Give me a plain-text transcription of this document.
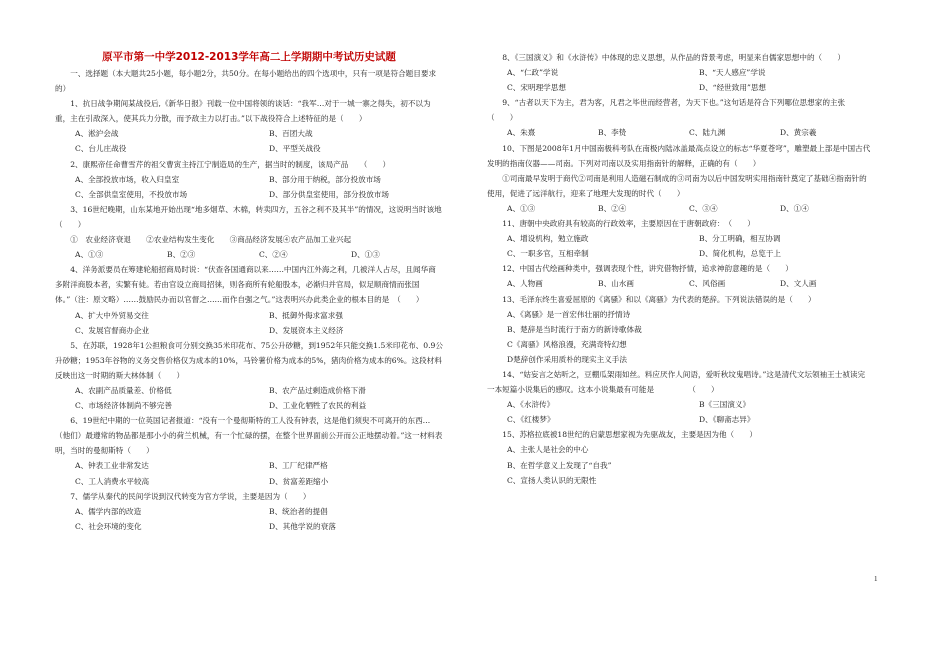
原平市第一中学2012-2013学年高二上学期期中考试历史试题

一、选择题（本大题共25小题，每小题2分，共50分。在每小题给出的四个选项中，只有一项是符合题目要求的）

1、抗日战争期间某战役后,《新华日报》刊载一位中国将领的谈话：“我军…对于一城一寨之得失，初不以为重，主在引敌深入，使其兵力分散，而予敌主力以打击。”以下战役符合上述特征的是（　　）

A、淞沪会战	B、百团大战
C、台儿庄战役	D、平型关战役

2、康熙帝任命曹雪芹的祖父曹寅主持江宁制造局的生产，据当时的制度，该局产品　　（　　）

A、全部投放市场，收入归皇室	B、部分用于纳税，部分投放市场
C、全部供皇室使用，不投放市场	D、部分供皇室使用，部分投放市场

3、16世纪晚期，山东某地开始出现“地多烟草、木棉，转卖四方，五谷之利不及其半”的情况，这说明当时该地　（　　）

①　农业经济衰退　　②农业结构发生变化　　③商品经济发展④农产品加工业兴起

A、①③	B、②③	C、②④	D、①③

4、洋务派要员在筹建轮船招商局时说：“伏查各国通商以来……中国内江外海之利，几被洋人占尽，且闻华商多附洋商股本者，实繁有徒。若由官设立商局招徕，则各商所有轮船股本，必渐归并官局，似足顺商情而张国体。”（注：原文略）……鼓励民办而以官督之……而作自强之气。”这表明兴办此类企业的根本目的是　（　　）

A、扩大中外贸易交往	B、抵御外侮求富求强
C、发展官督商办企业	D、发展资本主义经济

5、在苏联，1928年1公担粮食可分别交换35米印花布、75公升砂糖，到1952年只能交换1.5米印花布、0.9公升砂糖；1953年谷物的义务交售价格仅为成本的10%，马铃薯价格为成本的5%，猪肉价格为成本的6%。这段材料反映出这一时期的斯大林体制（　　）

A、农副产品质量差、价格低	B、农产品过剩造成价格下滑
C、市场经济体制尚不够完善	D、工业化牺牲了农民的利益

6、19世纪中期的一位英国记者报道：“没有一个曼彻斯特的工人没有钟表，这是他们须臾不可离开的东西…（他们）最遵常的物品都是那小小的荷兰机械，有一个忙碌的摆，在整个世界面前公开而公正地摆动着。”这一材料表明，当时的曼彻斯特（　　）

A、钟表工业非常发达	B、工厂纪律严格
C、工人消费水平较高	D、贫富差距缩小

7、儒学从秦代的民间学说到汉代转变为官方学说，主要是因为（　　）

A、儒学内部的改造	B、统治者的提倡
C、社会环境的变化	D、其他学说的衰落

8、《三国演义》和《水浒传》中体现的忠义思想，从作品的背景考虑，明显来自儒家思想中的（　　）

A、“仁政”学说	B、“天人感应”学说
C、宋明理学思想	D、“经世致用”思想

9、“古者以天下为主，君为客，凡君之毕世而经营者，为天下也。”这句话是符合下列哪位思想家的主张（　　）

A、朱熹	B、李贽	C、陆九渊	D、黄宗羲

10、下图是2008年1月中国南极科考队在南极内陆冰盖最高点设立的标志“华夏苍穹”，雕塑最上部是中国古代发明的指南仪器——司南。下列对司南以及实用指南针的解释，正确的有（　　）

①司南最早发明于商代②司南是利用人造磁石制成的③司南为以后中国发明实用指南针奠定了基础④指南针的使用，促进了远洋航行，迎来了地理大发现的时代（　　）

A、①③	B、②④	C、③④	D、①④

11、唐朝中央政府具有较高的行政效率，主要原因在于唐朝政府：　（　　）

A、增设机构，勉立施政	B、分工明确，相互协调
C、一职多官，互相牵制	D、简化机构，总览于上

12、中国古代绘画种类中，强调表现个性，讲究借物抒情，追求神韵意趣的是（　　）

A、人物画	B、山水画	C、风俗画	D、文人画

13、毛泽东终生喜爱屈原的《离骚》和以《离骚》为代表的楚辞。下列说法错误的是（　　）

A、《离骚》是一首宏伟壮丽的抒情诗
B、楚辞是当时流行于南方的新诗歌体裁
C《离骚》风格浪漫，充满奇特幻想
D楚辞创作采用质朴的现实主义手法

14、“姑妄言之姑听之，豆棚瓜架雨如丝。料应厌作人间语，爱听秋坟鬼唱诗。”这是清代文坛领袖王士祯读完一本短篇小说集后的感叹。这本小说集最有可能是　　　　　（　　）

A、《水浒传》	B《三国演义》
C、《红楼梦》	D、《聊斋志异》

15、苏格拉底被18世纪的启蒙思想家视为先驱战友，主要是因为他（　　）

A、主张人是社会的中心
B、在哲学意义上发现了“自我”
C、宣扬人类认识的无限性
1
